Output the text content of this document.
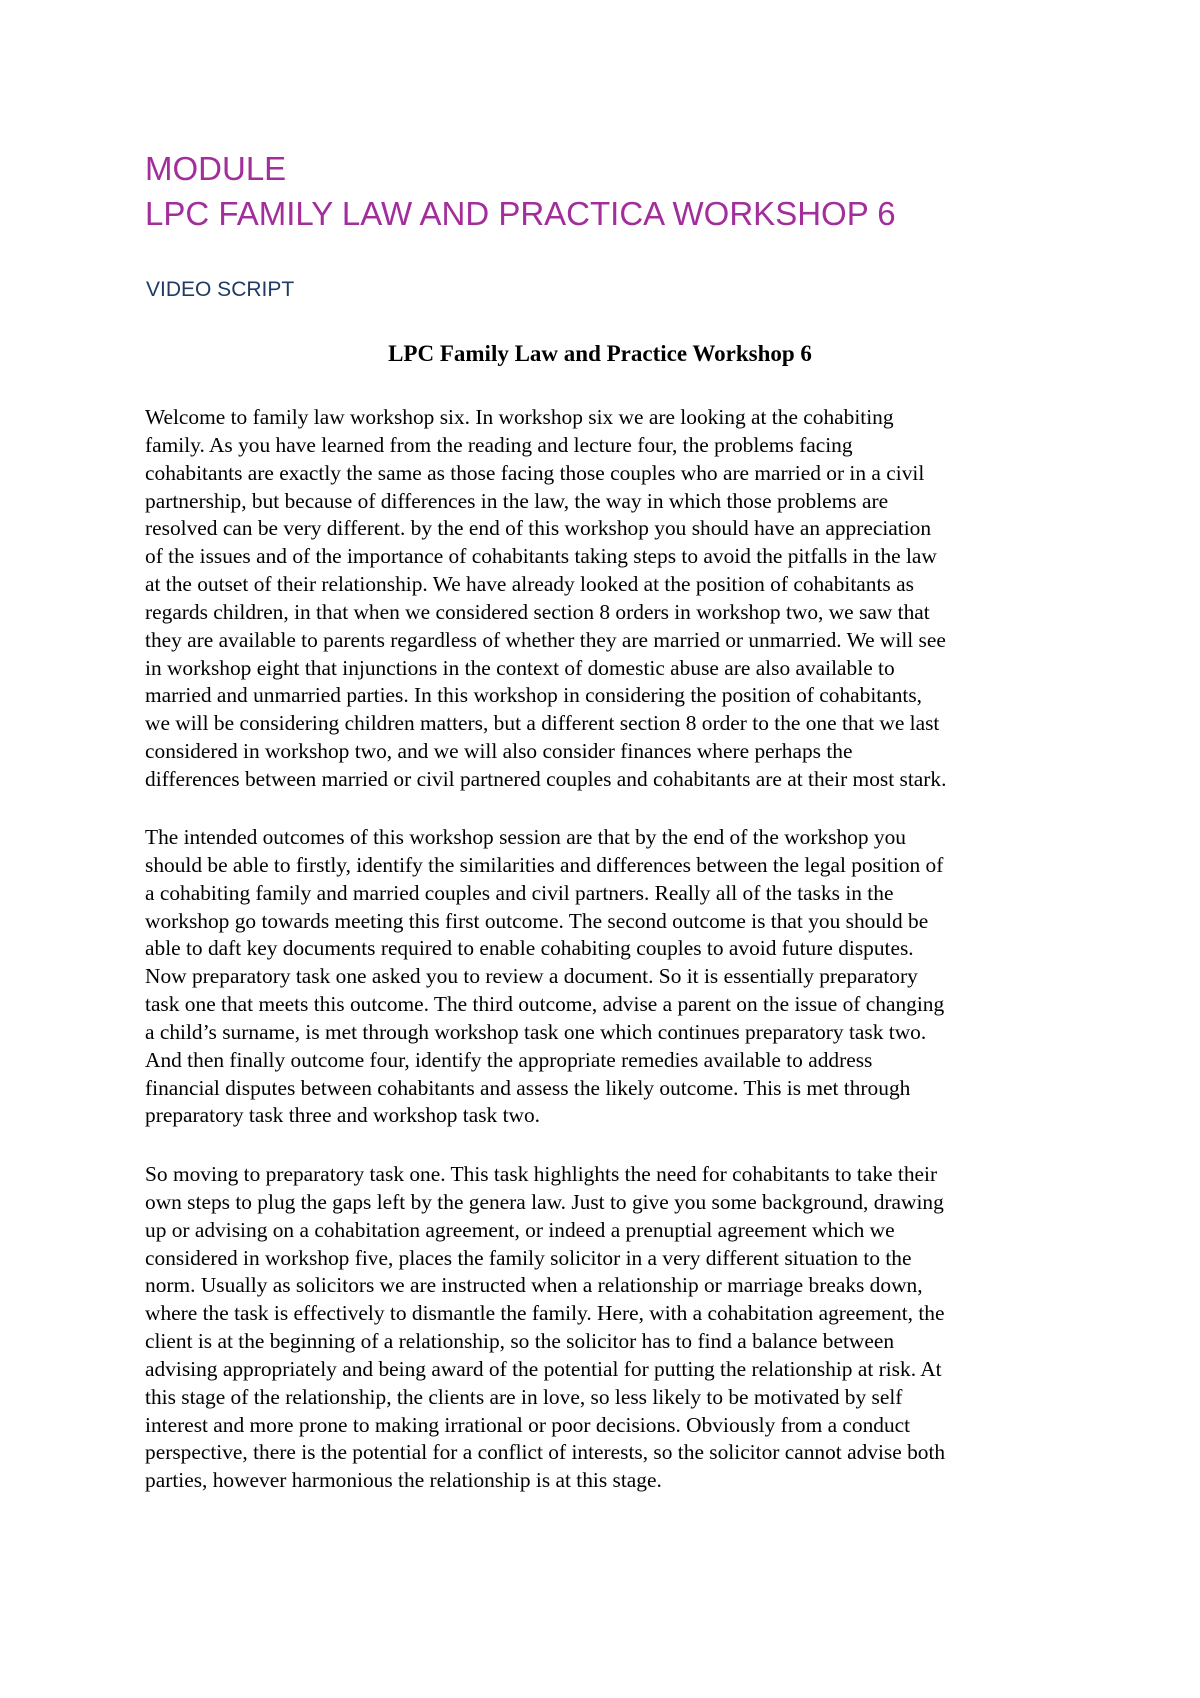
MODULE
LPC FAMILY LAW AND PRACTICA WORKSHOP 6
VIDEO SCRIPT
LPC Family Law and Practice Workshop 6

Welcome to family law workshop six. In workshop six we are looking at the cohabiting
family. As you have learned from the reading and lecture four, the problems facing
cohabitants are exactly the same as those facing those couples who are married or in a civil
partnership, but because of differences in the law, the way in which those problems are
resolved can be very different. by the end of this workshop you should have an appreciation
of the issues and of the importance of cohabitants taking steps to avoid the pitfalls in the law
at the outset of their relationship. We have already looked at the position of cohabitants as
regards children, in that when we considered section 8 orders in workshop two, we saw that
they are available to parents regardless of whether they are married or unmarried. We will see
in workshop eight that injunctions in the context of domestic abuse are also available to
married and unmarried parties. In this workshop in considering the position of cohabitants,
we will be considering children matters, but a different section 8 order to the one that we last
considered in workshop two, and we will also consider finances where perhaps the
differences between married or civil partnered couples and cohabitants are at their most stark.

The intended outcomes of this workshop session are that by the end of the workshop you
should be able to firstly, identify the similarities and differences between the legal position of
a cohabiting family and married couples and civil partners. Really all of the tasks in the
workshop go towards meeting this first outcome. The second outcome is that you should be
able to daft key documents required to enable cohabiting couples to avoid future disputes.
Now preparatory task one asked you to review a document. So it is essentially preparatory
task one that meets this outcome. The third outcome, advise a parent on the issue of changing
a child’s surname, is met through workshop task one which continues preparatory task two.
And then finally outcome four, identify the appropriate remedies available to address
financial disputes between cohabitants and assess the likely outcome. This is met through
preparatory task three and workshop task two.

So moving to preparatory task one. This task highlights the need for cohabitants to take their
own steps to plug the gaps left by the genera law. Just to give you some background, drawing
up or advising on a cohabitation agreement, or indeed a prenuptial agreement which we
considered in workshop five, places the family solicitor in a very different situation to the
norm. Usually as solicitors we are instructed when a relationship or marriage breaks down,
where the task is effectively to dismantle the family. Here, with a cohabitation agreement, the
client is at the beginning of a relationship, so the solicitor has to find a balance between
advising appropriately and being award of the potential for putting the relationship at risk. At
this stage of the relationship, the clients are in love, so less likely to be motivated by self
interest and more prone to making irrational or poor decisions. Obviously from a conduct
perspective, there is the potential for a conflict of interests, so the solicitor cannot advise both
parties, however harmonious the relationship is at this stage.
